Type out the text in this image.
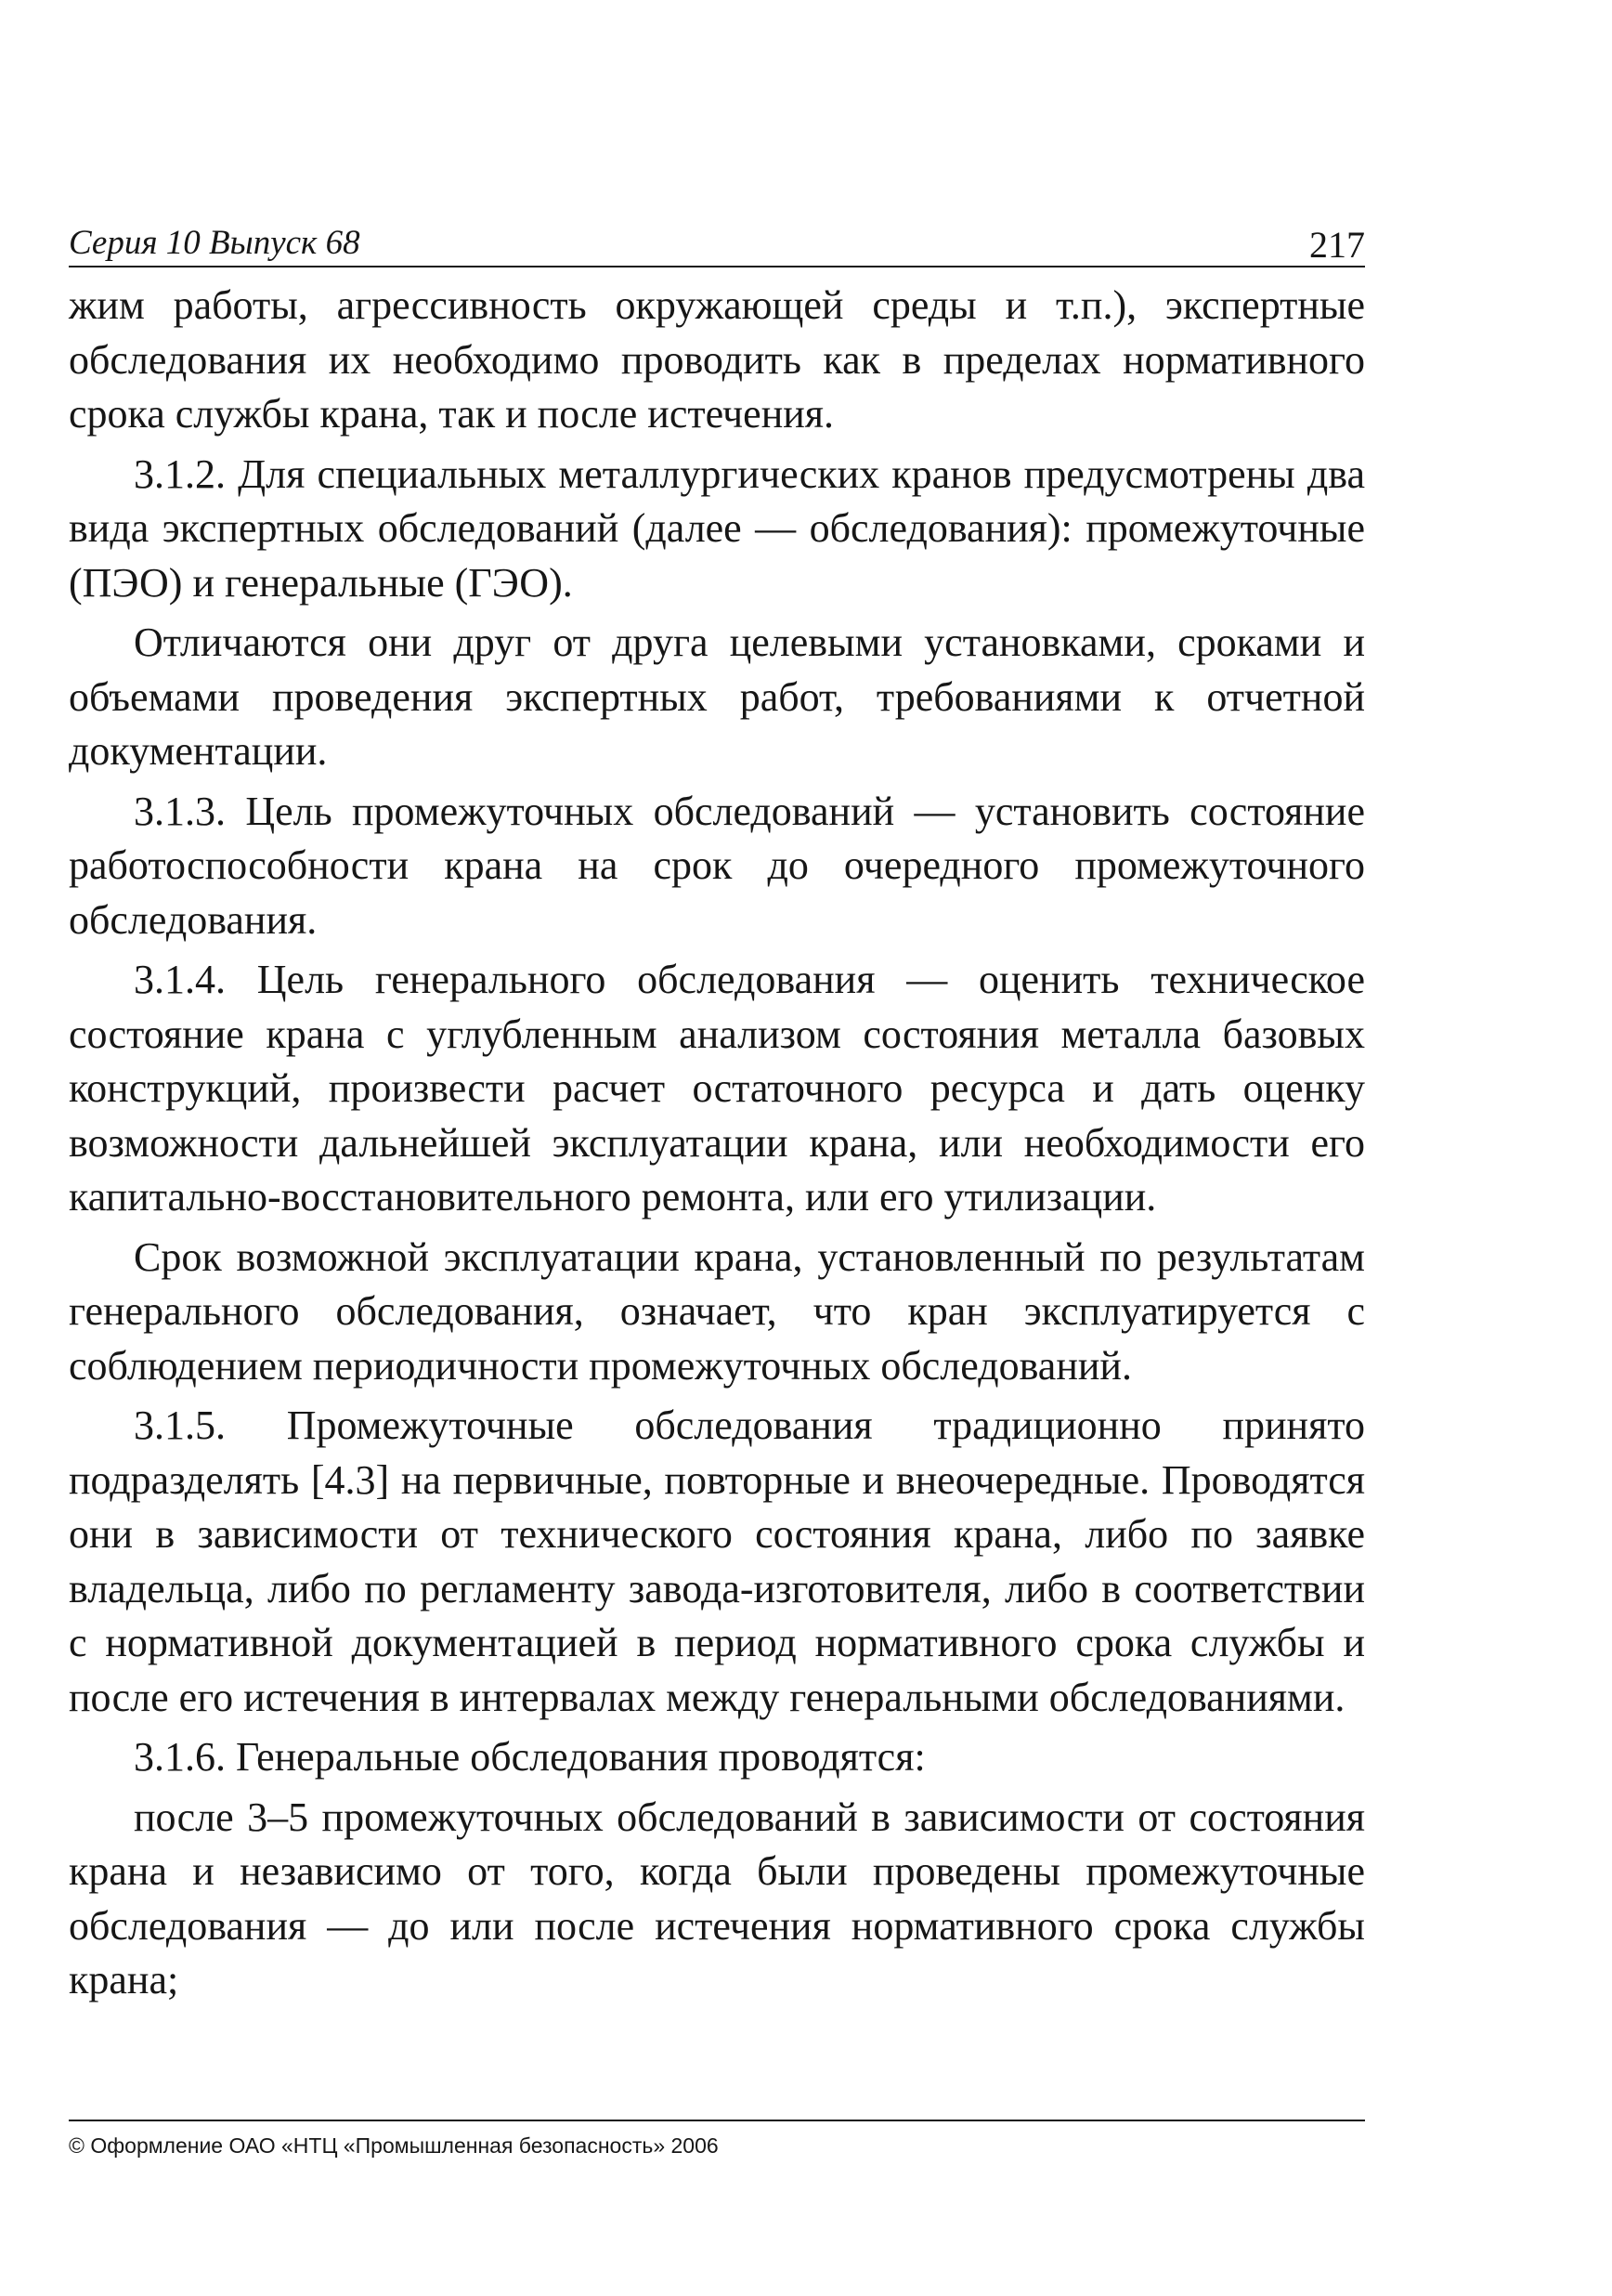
Серия 10 Выпуск 68	217

жим работы, агрессивность окружающей среды и т.п.), экспертные обследования их необходимо проводить как в пределах нормативного срока службы крана, так и после истечения.

3.1.2. Для специальных металлургических кранов предусмотрены два вида экспертных обследований (далее — обследования): промежуточные (ПЭО) и генеральные (ГЭО).

Отличаются они друг от друга целевыми установками, сроками и объемами проведения экспертных работ, требованиями к отчетной документации.

3.1.3. Цель промежуточных обследований — установить состояние работоспособности крана на срок до очередного промежуточного обследования.

3.1.4. Цель генерального обследования — оценить техническое состояние крана с углубленным анализом состояния металла базовых конструкций, произвести расчет остаточного ресурса и дать оценку возможности дальнейшей эксплуатации крана, или необходимости его капитально-восстановительного ремонта, или его утилизации.

Срок возможной эксплуатации крана, установленный по результатам генерального обследования, означает, что кран эксплуатируется с соблюдением периодичности промежуточных обследований.

3.1.5. Промежуточные обследования традиционно принято подразделять [4.3] на первичные, повторные и внеочередные. Проводятся они в зависимости от технического состояния крана, либо по заявке владельца, либо по регламенту завода-изготовителя, либо в соответствии с нормативной документацией в период нормативного срока службы и после его истечения в интервалах между генеральными обследованиями.

3.1.6. Генеральные обследования проводятся:

после 3–5 промежуточных обследований в зависимости от состояния крана и независимо от того, когда были проведены промежуточные обследования — до или после истечения нормативного срока службы крана;

© Оформление ОАО «НТЦ «Промышленная безопасность» 2006
